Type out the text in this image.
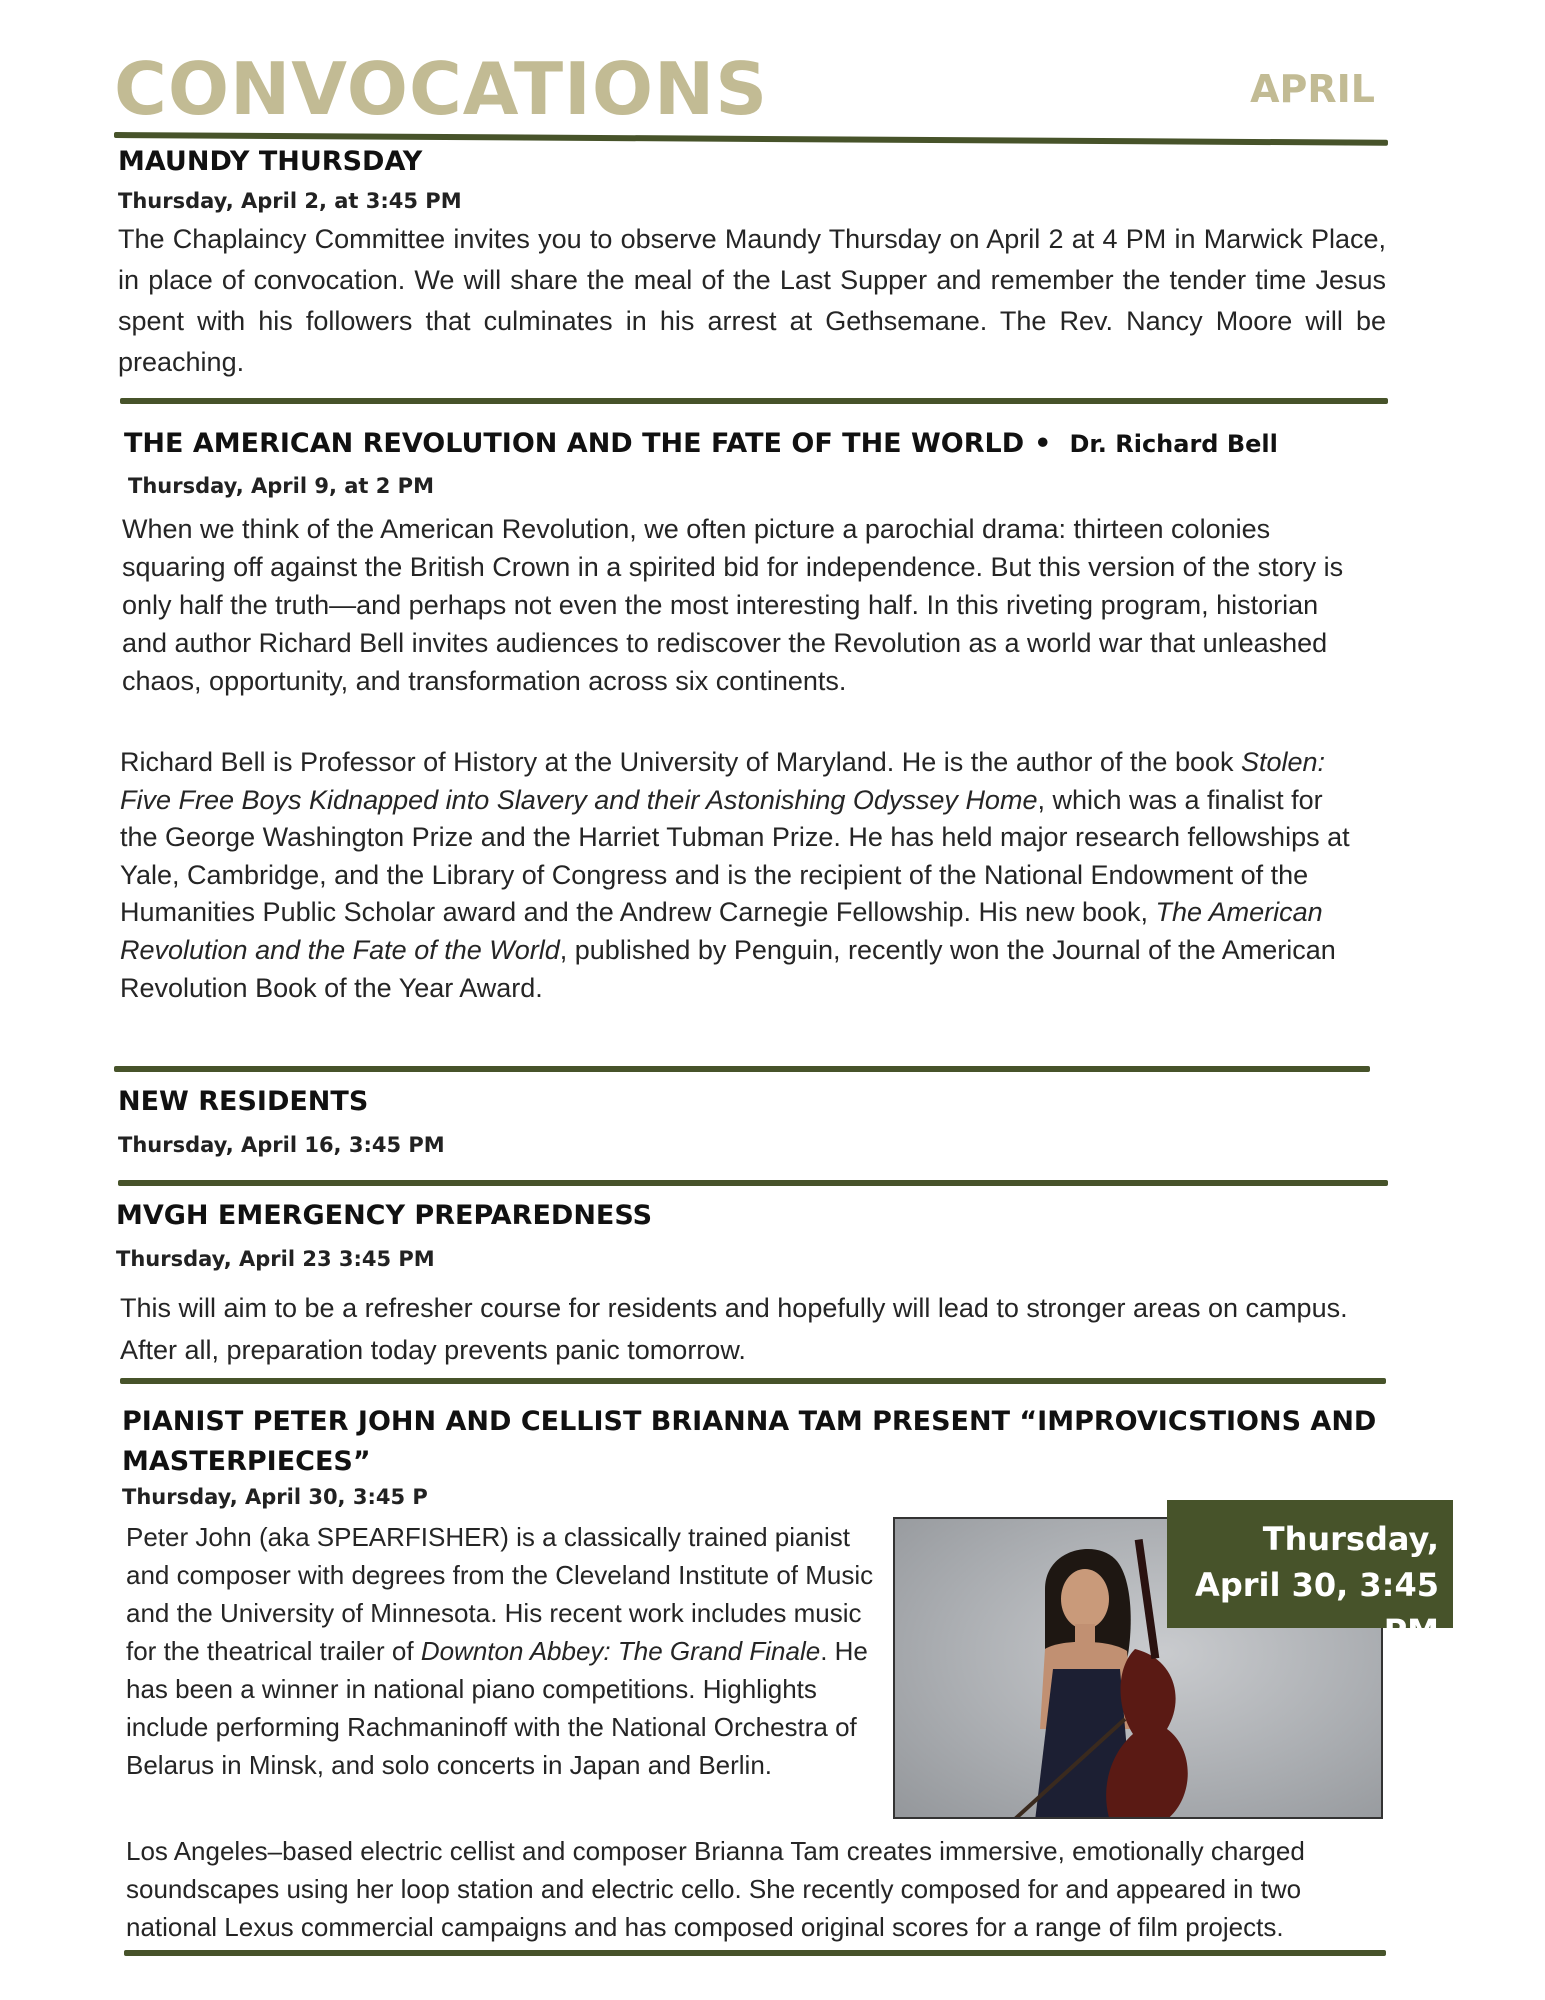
CONVOCATIONS	APRIL
MAUNDY THURSDAY
Thursday, April 2, at 3:45 PM
The Chaplaincy Committee invites you to observe Maundy Thursday on April 2 at 4 PM in Marwick Place, in place of convocation. We will share the meal of the Last Supper and remember the tender time Jesus spent with his followers that culminates in his arrest at Gethsemane. The Rev. Nancy Moore will be preaching.
THE AMERICAN REVOLUTION AND THE FATE OF THE WORLD • Dr. Richard Bell
Thursday, April 9, at 2 PM
When we think of the American Revolution, we often picture a parochial drama: thirteen colonies squaring off against the British Crown in a spirited bid for independence. But this version of the story is only half the truth—and perhaps not even the most interesting half. In this riveting program, historian and author Richard Bell invites audiences to rediscover the Revolution as a world war that unleashed chaos, opportunity, and transformation across six continents.
Richard Bell is Professor of History at the University of Maryland. He is the author of the book Stolen: Five Free Boys Kidnapped into Slavery and their Astonishing Odyssey Home, which was a finalist for the George Washington Prize and the Harriet Tubman Prize. He has held major research fellowships at Yale, Cambridge, and the Library of Congress and is the recipient of the National Endowment of the Humanities Public Scholar award and the Andrew Carnegie Fellowship. His new book, The American Revolution and the Fate of the World, published by Penguin, recently won the Journal of the American Revolution Book of the Year Award.
NEW RESIDENTS
Thursday, April 16, 3:45 PM
MVGH EMERGENCY PREPAREDNESS
Thursday, April 23 3:45 PM
This will aim to be a refresher course for residents and hopefully will lead to stronger areas on campus. After all, preparation today prevents panic tomorrow.
PIANIST PETER JOHN AND CELLIST BRIANNA TAM PRESENT “IMPROVICSTIONS AND MASTERPIECES”
Thursday, April 30, 3:45 P
Peter John (aka SPEARFISHER) is a classically trained pianist and composer with degrees from the Cleveland Institute of Music and the University of Minnesota. His recent work includes music for the theatrical trailer of Downton Abbey: The Grand Finale. He has been a winner in national piano competitions. Highlights include performing Rachmaninoff with the National Orchestra of Belarus in Minsk, and solo concerts in Japan and Berlin.
Thursday, April 30, 3:45 PM
Los Angeles–based electric cellist and composer Brianna Tam creates immersive, emotionally charged soundscapes using her loop station and electric cello. She recently composed for and appeared in two national Lexus commercial campaigns and has composed original scores for a range of film projects.
